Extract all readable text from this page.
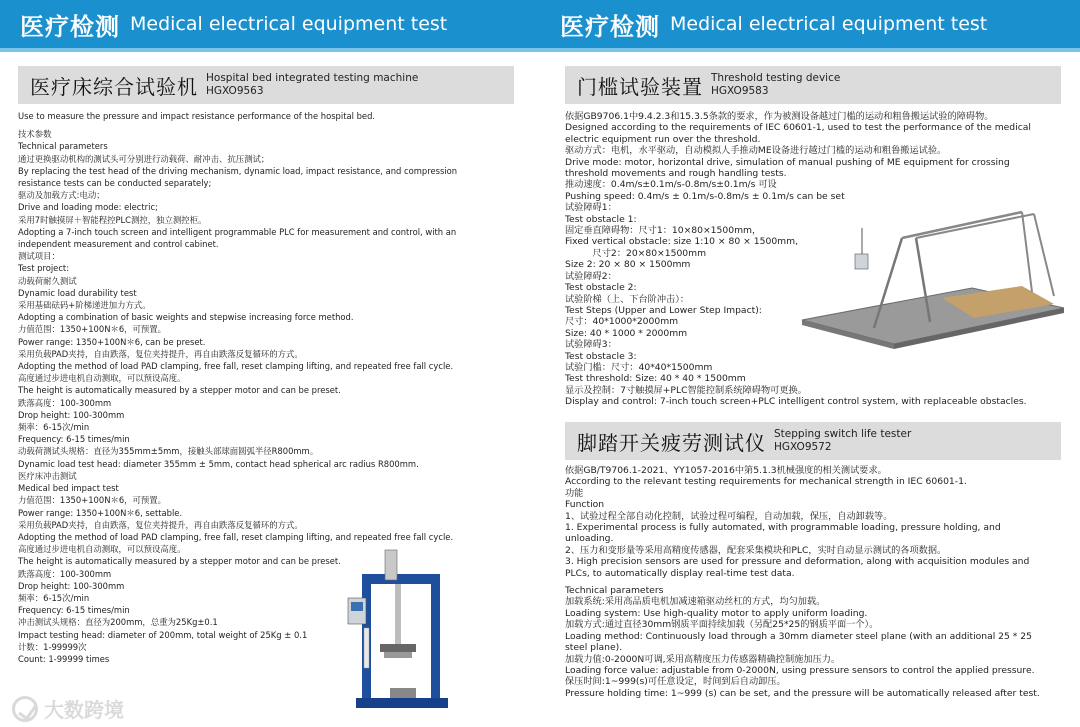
医疗检测 Medical electrical equipment test
医疗床综合试验机 Hospital bed integrated testing machine
HGXO9563
Use to measure the pressure and impact resistance performance of the hospital bed.
技术参数
Technical parameters
通过更换驱动机构的测试头可分别进行动载荷、耐冲击、抗压测试；
By replacing the test head of the driving mechanism, dynamic load, impact resistance, and compression
resistance tests can be conducted separately;
驱动及加载方式:电动；
Drive and loading mode: electric;
采用7时触摸屏＋智能程控PLC测控，独立测控柜。
Adopting a 7-inch touch screen and intelligent programmable PLC for measurement and control, with an
independent measurement and control cabinet.
测试项目：
Test project:
动载荷耐久测试
Dynamic load durability test
采用基础砝码+阶梯递进加力方式。
Adopting a combination of basic weights and stepwise increasing force method.
力值范围：1350+100N＊6，可预置。
Power range: 1350+100N＊6, can be preset.
采用负载PAD夹持，自由跌落，复位夹持提升，再自由跌落反复循环的方式。
Adopting the method of load PAD clamping, free fall, reset clamping lifting, and repeated free fall cycle.
高度通过步进电机自动测取，可以预设高度。
The height is automatically measured by a stepper motor and can be preset.
跌落高度：100-300mm
Drop height: 100-300mm
频率：6-15次/min
Frequency: 6-15 times/min
动载荷测试头规格：直径为355mm±5mm，接触头部球面圆弧半径R800mm。
Dynamic load test head: diameter 355mm ± 5mm, contact head spherical arc radius R800mm.
医疗床冲击测试
Medical bed impact test
力值范围：1350+100N＊6，可预置。
Power range: 1350+100N＊6, settable.
采用负载PAD夹持，自由跌落，复位夹持提升，再自由跌落反复循环的方式。
Adopting the method of load PAD clamping, free fall, reset clamping lifting, and repeated free fall cycle.
高度通过步进电机自动测取，可以预设高度。
The height is automatically measured by a stepper motor and can be preset.
跌落高度：100-300mm
Drop height: 100-300mm
频率：6-15次/min
Frequency: 6-15 times/min
冲击测试头规格：直径为200mm，总重为25Kg±0.1
Impact testing head: diameter of 200mm, total weight of 25Kg ± 0.1
计数：1-99999次
Count: 1-99999 times
大数跨境
医疗检测 Medical electrical equipment test
门槛试验装置 Threshold testing device
HGXO9583
依据GB9706.1中9.4.2.3和15.3.5条款的要求，作为被测设备越过门槛的运动和粗鲁搬运试验的障碍物。
Designed according to the requirements of IEC 60601-1, used to test the performance of the medical
electric equipment run over the threshold.
驱动方式：电机，水平驱动，自动模拟人手推动ME设备进行越过门槛的运动和粗鲁搬运试验。
Drive mode: motor, horizontal drive, simulation of manual pushing of ME equipment for crossing
threshold movements and rough handling tests.
推动速度：0.4m/s±0.1m/s-0.8m/s±0.1m/s 可设
Pushing speed: 0.4m/s ± 0.1m/s-0.8m/s ± 0.1m/s can be set
试验障碍1：
Test obstacle 1:
固定垂直障碍物：尺寸1：10×80×1500mm，
Fixed vertical obstacle: size 1:10 × 80 × 1500mm,
　　　尺寸2：20×80×1500mm
Size 2: 20 × 80 × 1500mm
试验障碍2：
Test obstacle 2:
试验阶梯（上、下台阶冲击）：
Test Steps (Upper and Lower Step Impact):
尺寸：40*1000*2000mm
Size: 40 * 1000 * 2000mm
试验障碍3：
Test obstacle 3:
试验门槛：尺寸：40*40*1500mm
Test threshold: Size: 40 * 40 * 1500mm
显示及控制：7寸触摸屏+PLC智能控制系统障碍物可更换。
Display and control: 7-inch touch screen+PLC intelligent control system, with replaceable obstacles.
脚踏开关疲劳测试仪 Stepping switch life tester
HGXO9572
依据GB/T9706.1-2021、YY1057-2016中第5.1.3机械强度的相关测试要求。
According to the relevant testing requirements for mechanical strength in IEC 60601-1.
功能
Function
1、试验过程全部自动化控制，试验过程可编程，自动加载，保压，自动卸载等。
1. Experimental process is fully automated, with programmable loading, pressure holding, and
unloading.
2、压力和变形量等采用高精度传感器，配套采集模块和PLC，实时自动显示测试的各项数据。
3. High precision sensors are used for pressure and deformation, along with acquisition modules and
PLCs, to automatically display real-time test data.
Technical parameters
加载系统:采用高品质电机加减速箱驱动丝杠的方式，均匀加载。
Loading system: Use high-quality motor to apply uniform loading.
加载方式:通过直径30mm钢质平面持续加载（另配25*25的钢质平面一个）。
Loading method: Continuously load through a 30mm diameter steel plane (with an additional 25 * 25
steel plane).
加载力值:0-2000N可调,采用高精度压力传感器精确控制施加压力。
Loading force value: adjustable from 0-2000N, using pressure sensors to control the applied pressure.
保压时间:1~999(s)可任意设定，时间到后自动卸压。
Pressure holding time: 1~999 (s) can be set, and the pressure will be automatically released after test.
